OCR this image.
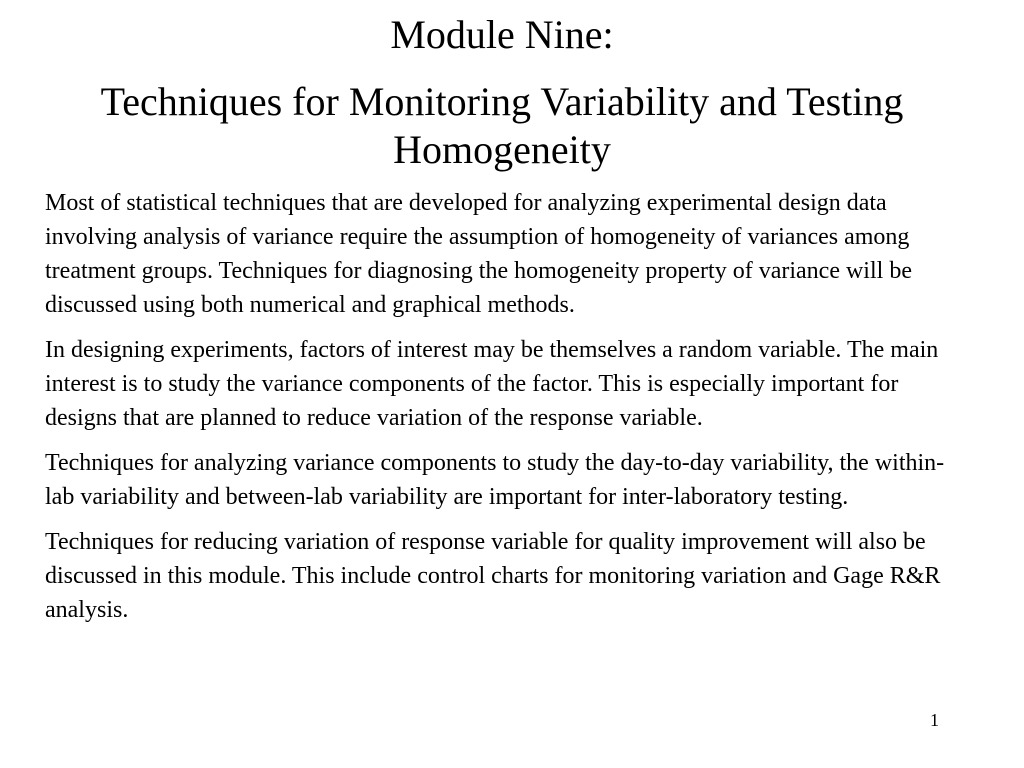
Module Nine:
Techniques for Monitoring Variability and Testing Homogeneity

Most of statistical techniques that are developed for analyzing experimental design data involving analysis of variance require the assumption of homogeneity of variances among treatment groups. Techniques for diagnosing the homogeneity property of variance will be discussed using both numerical and graphical methods.

In designing experiments, factors of interest may be themselves a random variable. The main interest is to study the variance components of the factor. This is especially important for designs that are planned to reduce variation of the response variable.

Techniques for analyzing variance components to study the day-to-day variability, the within-lab variability and between-lab variability are important for inter-laboratory testing.

Techniques for reducing variation of response variable for quality improvement will also be discussed in this module. This include control charts for monitoring variation and Gage R&R analysis.

1
